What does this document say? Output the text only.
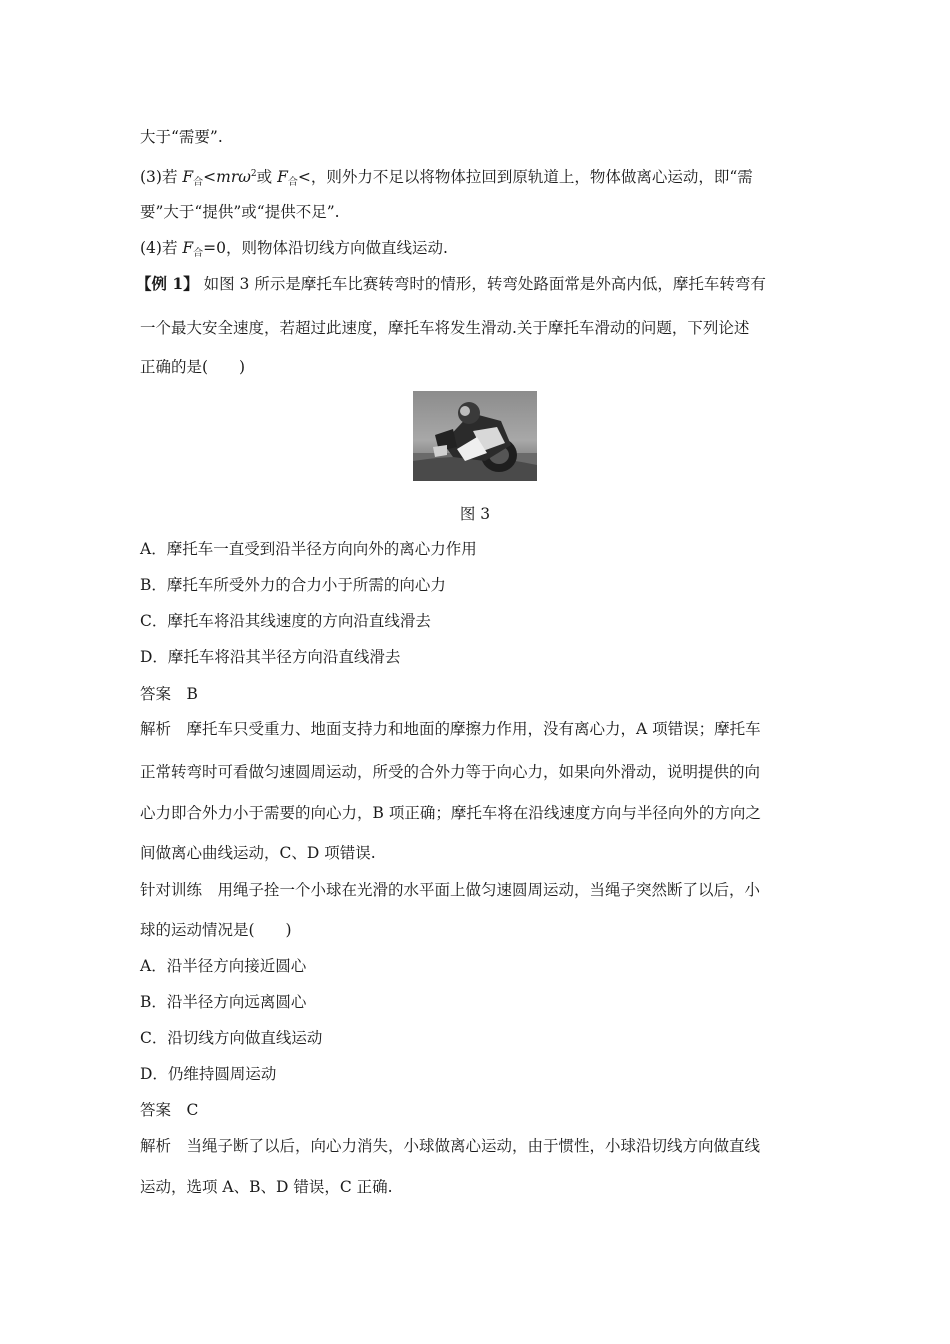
大于“需要”.
(3)若 $F_合<mr\omega^2$或 $F_合<$，则外力不足以将物体拉回到原轨道上，物体做离心运动，即“需
要”大于“提供”或“提供不足”.
(4)若 $F_合=0$，则物体沿切线方向做直线运动.
【例 1】 如图 3 所示是摩托车比赛转弯时的情形，转弯处路面常是外高内低，摩托车转弯有
一个最大安全速度，若超过此速度，摩托车将发生滑动.关于摩托车滑动的问题，下列论述
正确的是(　　)
图 3
A．摩托车一直受到沿半径方向向外的离心力作用
B．摩托车所受外力的合力小于所需的向心力
C．摩托车将沿其线速度的方向沿直线滑去
D．摩托车将沿其半径方向沿直线滑去
答案　B
解析　摩托车只受重力、地面支持力和地面的摩擦力作用，没有离心力，A 项错误；摩托车
正常转弯时可看做匀速圆周运动，所受的合外力等于向心力，如果向外滑动，说明提供的向
心力即合外力小于需要的向心力，B 项正确；摩托车将在沿线速度方向与半径向外的方向之
间做离心曲线运动，C、D 项错误.
针对训练　用绳子拴一个小球在光滑的水平面上做匀速圆周运动，当绳子突然断了以后，小
球的运动情况是(　　)
A．沿半径方向接近圆心
B．沿半径方向远离圆心
C．沿切线方向做直线运动
D．仍维持圆周运动
答案　C
解析　当绳子断了以后，向心力消失，小球做离心运动，由于惯性，小球沿切线方向做直线
运动，选项 A、B、D 错误，C 正确.
